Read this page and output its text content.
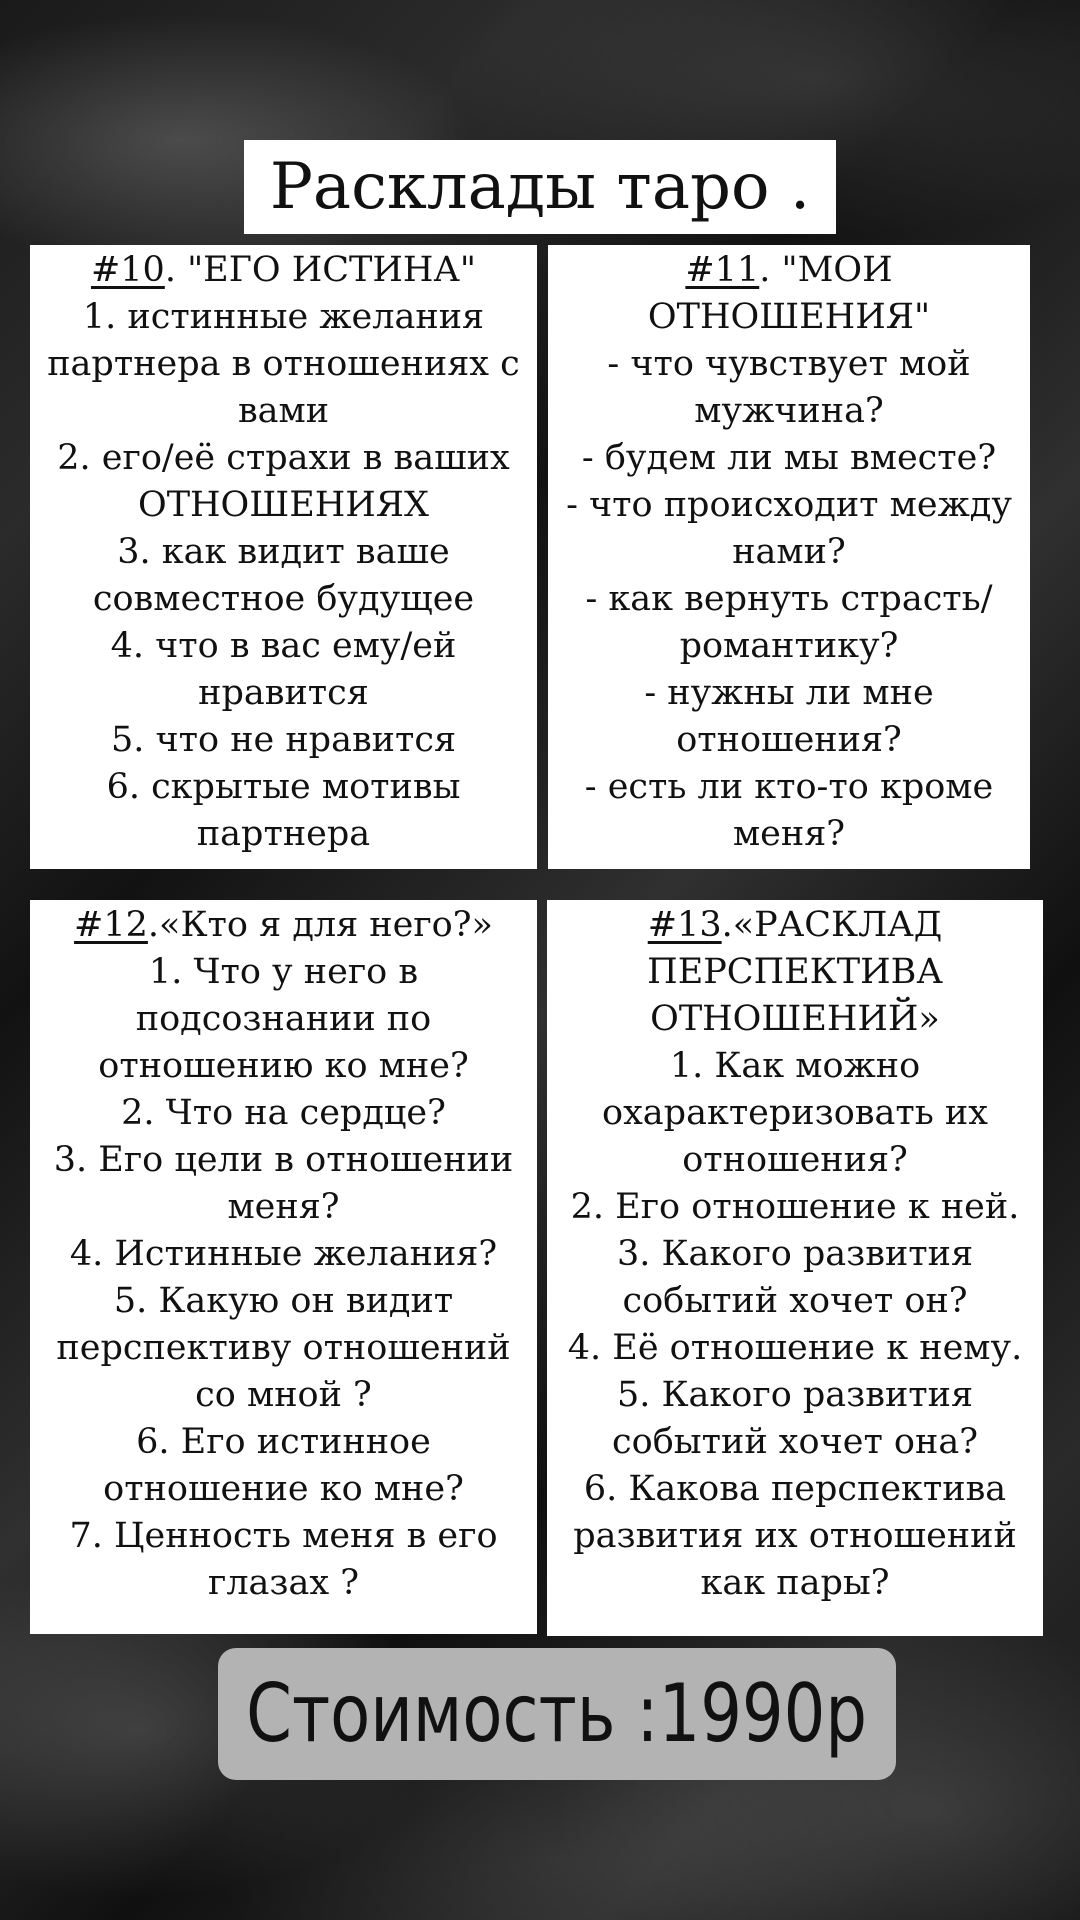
Расклады таро .
#10. "ЕГО ИСТИНА"
1. истинные желания
партнера в отношениях с
вами
2. его/её страхи в ваших
ОТНОШЕНИЯХ
3. как видит ваше
совместное будущее
4. что в вас ему/ей
нравится
5. что не нравится
6. скрытые мотивы
партнера
#11. "МОИ
ОТНОШЕНИЯ"
- что чувствует мой
мужчина?
- будем ли мы вместе?
- что происходит между
нами?
- как вернуть страсть/
романтику?
- нужны ли мне
отношения?
- есть ли кто-то кроме
меня?
#12.«Кто я для него?»
1. Что у него в
подсознании по
отношению ко мне?
2. Что на сердце?
3. Его цели в отношении
меня?
4. Истинные желания?
5. Какую он видит
перспективу отношений
со мной ?
6. Его истинное
отношение ко мне?
7. Ценность меня в его
глазах ?
#13.«РАСКЛАД
ПЕРСПЕКТИВА
ОТНОШЕНИЙ»
1. Как можно
охарактеризовать их
отношения?
2. Его отношение к ней.
3. Какого развития
событий хочет он?
4. Её отношение к нему.
5. Какого развития
событий хочет она?
6. Какова перспектива
развития их отношений
как пары?
Стоимость :1990р
